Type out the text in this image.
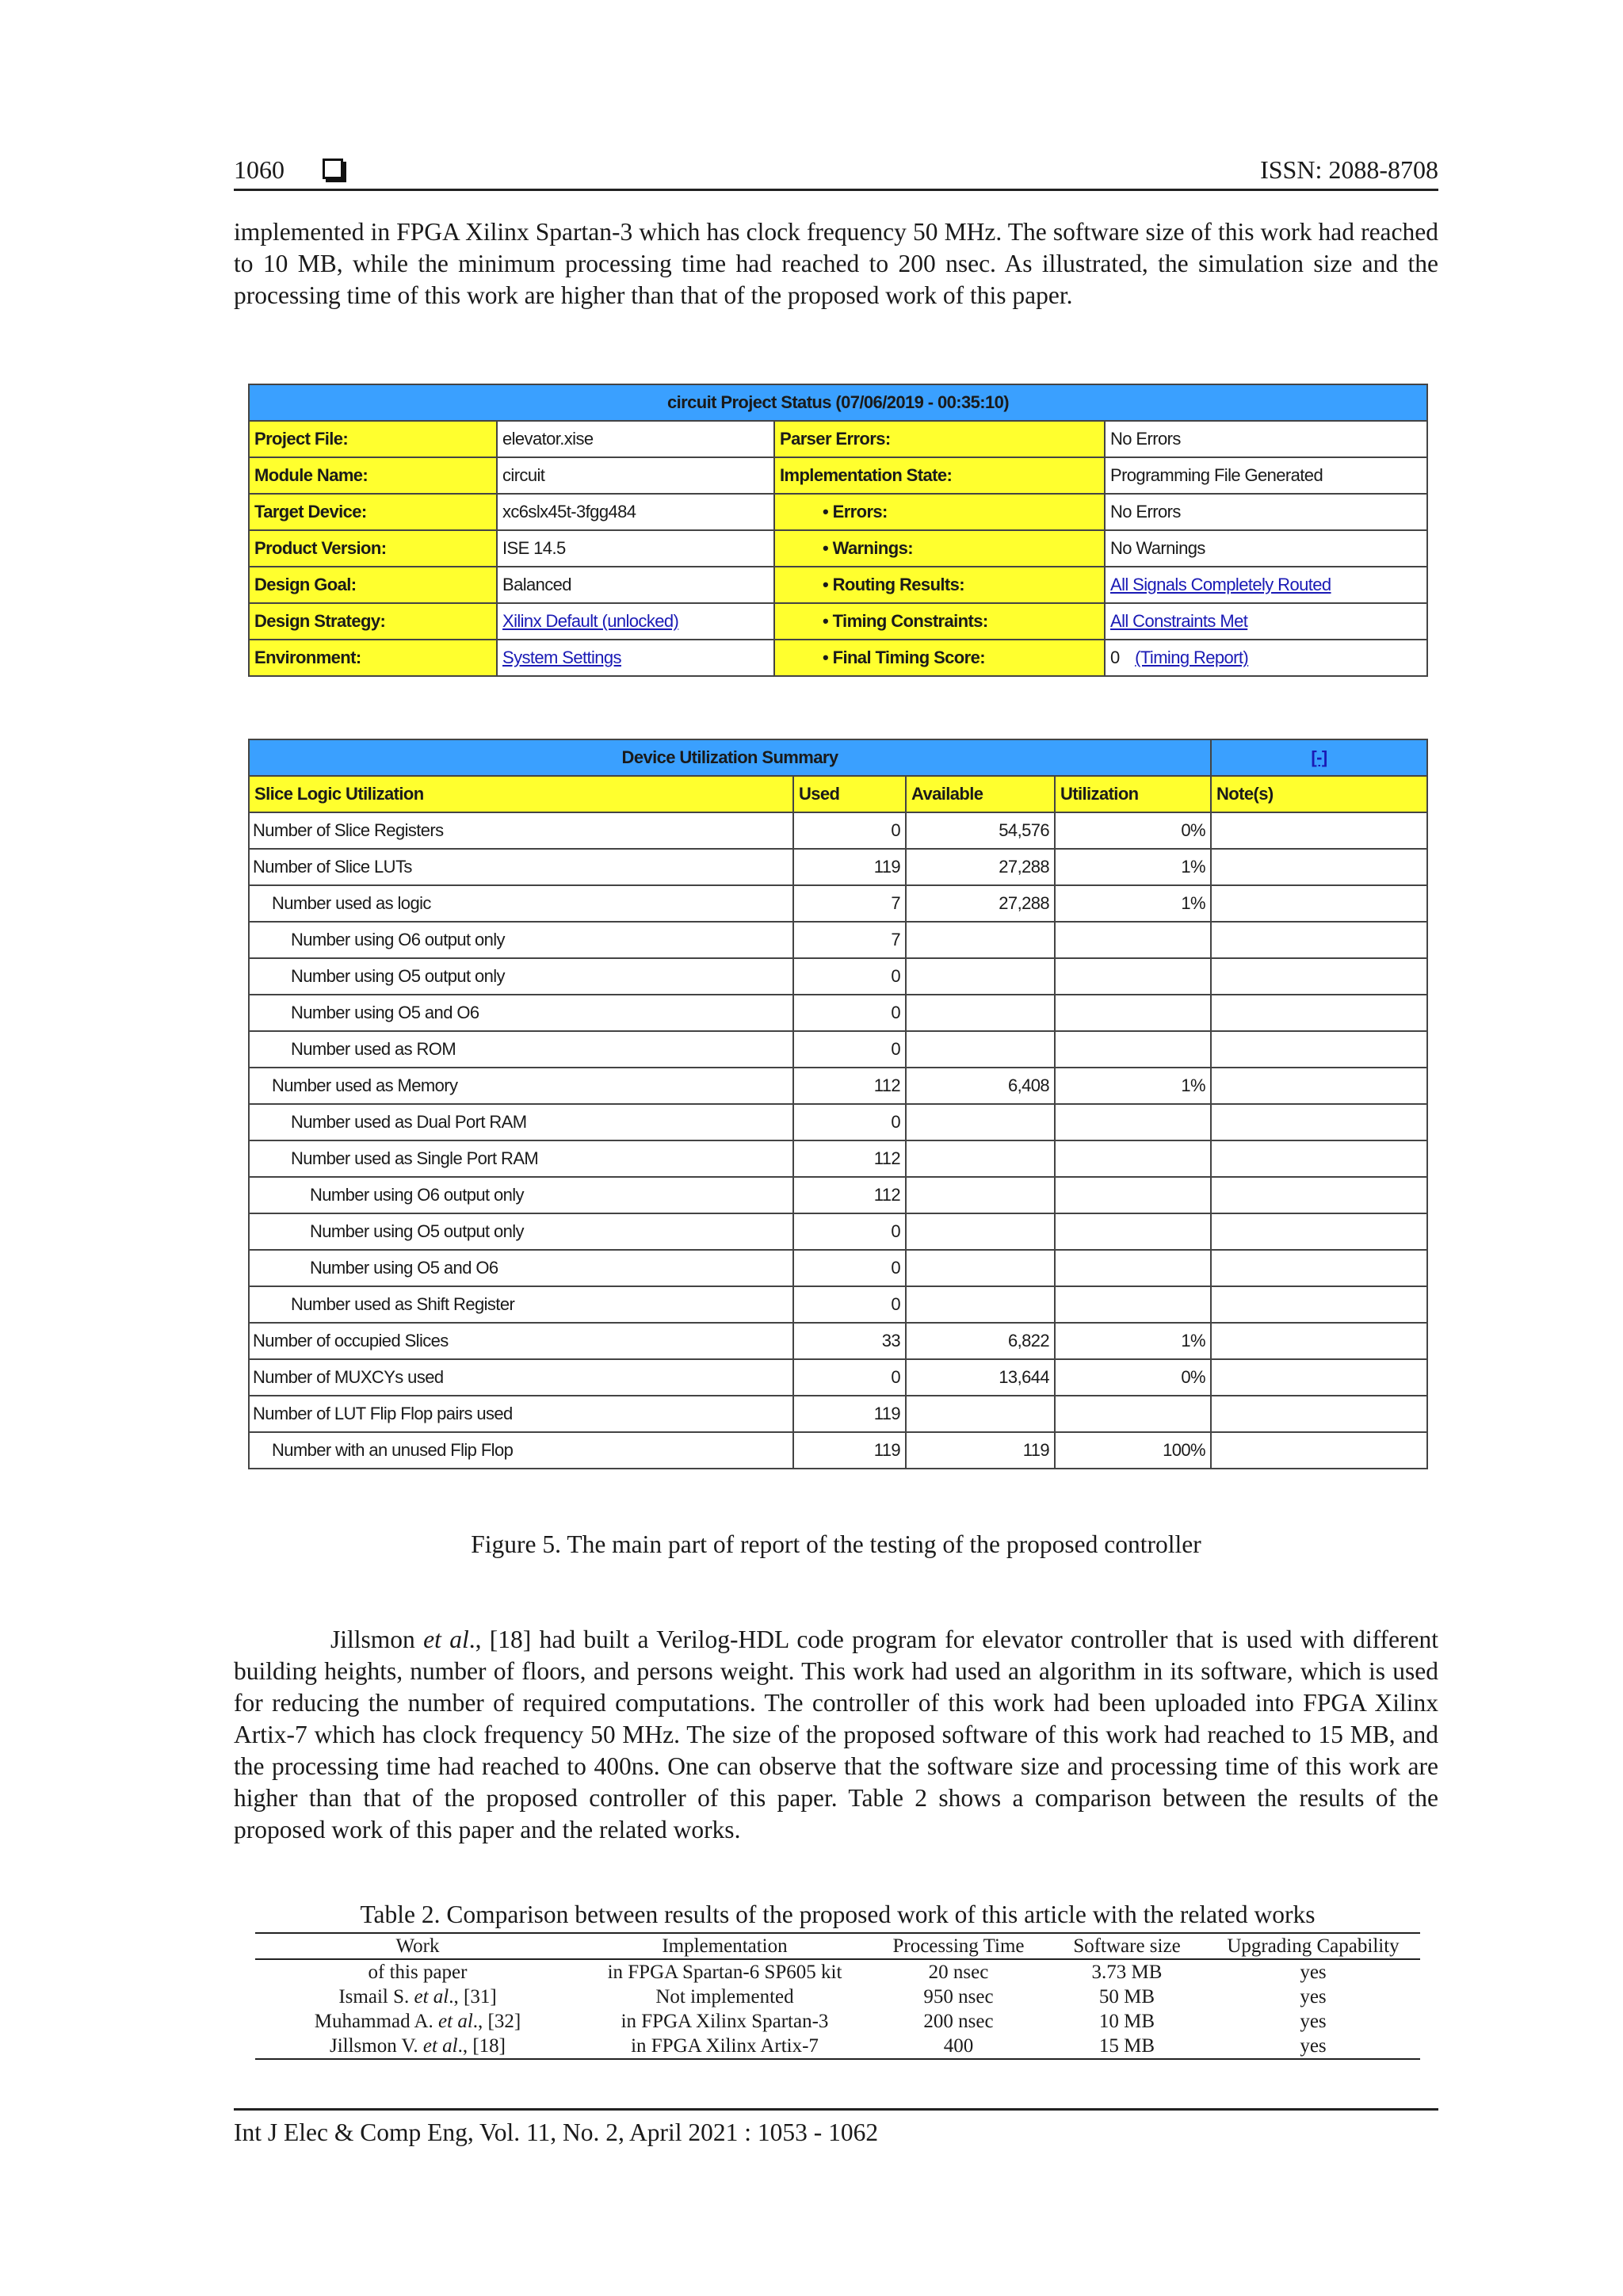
1060	ISSN: 2088-8708
implemented in FPGA Xilinx Spartan-3 which has clock frequency 50 MHz. The software size of this work had reached to 10 MB, while the minimum processing time had reached to 200 nsec. As illustrated, the simulation size and the processing time of this work are higher than that of the proposed work of this paper.
circuit Project Status (07/06/2019 - 00:35:10)			
Project File:	elevator.xise	Parser Errors:	No Errors
Module Name:	circuit	Implementation State:	Programming File Generated
Target Device:	xc6slx45t-3fgg484	• Errors:	No Errors
Product Version:	ISE 14.5	• Warnings:	No Warnings
Design Goal:	Balanced	• Routing Results:	All Signals Completely Routed
Design Strategy:	Xilinx Default (unlocked)	• Timing Constraints:	All Constraints Met
Environment:	System Settings	• Final Timing Score:	0 (Timing Report)
Device Utilization Summary				[-]
Slice Logic Utilization	Used	Available	Utilization	Note(s)
Number of Slice Registers	0	54,576	0%	
Number of Slice LUTs	119	27,288	1%	
Number used as logic	7	27,288	1%	
Number using O6 output only	7			
Number using O5 output only	0			
Number using O5 and O6	0			
Number used as ROM	0			
Number used as Memory	112	6,408	1%	
Number used as Dual Port RAM	0			
Number used as Single Port RAM	112			
Number using O6 output only	112			
Number using O5 output only	0			
Number using O5 and O6	0			
Number used as Shift Register	0			
Number of occupied Slices	33	6,822	1%	
Number of MUXCYs used	0	13,644	0%	
Number of LUT Flip Flop pairs used	119			
Number with an unused Flip Flop	119	119	100%	
Figure 5. The main part of report of the testing of the proposed controller
Jillsmon et al., [18] had built a Verilog-HDL code program for elevator controller that is used with different building heights, number of floors, and persons weight. This work had used an algorithm in its software, which is used for reducing the number of required computations. The controller of this work had been uploaded into FPGA Xilinx Artix-7 which has clock frequency 50 MHz. The size of the proposed software of this work had reached to 15 MB, and the processing time had reached to 400ns. One can observe that the software size and processing time of this work are higher than that of the proposed controller of this paper. Table 2 shows a comparison between the results of the proposed work of this paper and the related works.
Table 2. Comparison between results of the proposed work of this article with the related works
Work	Implementation	Processing Time	Software size	Upgrading Capability
of this paper	in FPGA Spartan-6 SP605 kit	20 nsec	3.73 MB	yes
Ismail S. et al., [31]	Not implemented	950 nsec	50 MB	yes
Muhammad A. et al., [32]	in FPGA Xilinx Spartan-3	200 nsec	10 MB	yes
Jillsmon V. et al., [18]	in FPGA Xilinx Artix-7	400	15 MB	yes
Int J Elec & Comp Eng, Vol. 11, No. 2, April 2021 : 1053 - 1062
